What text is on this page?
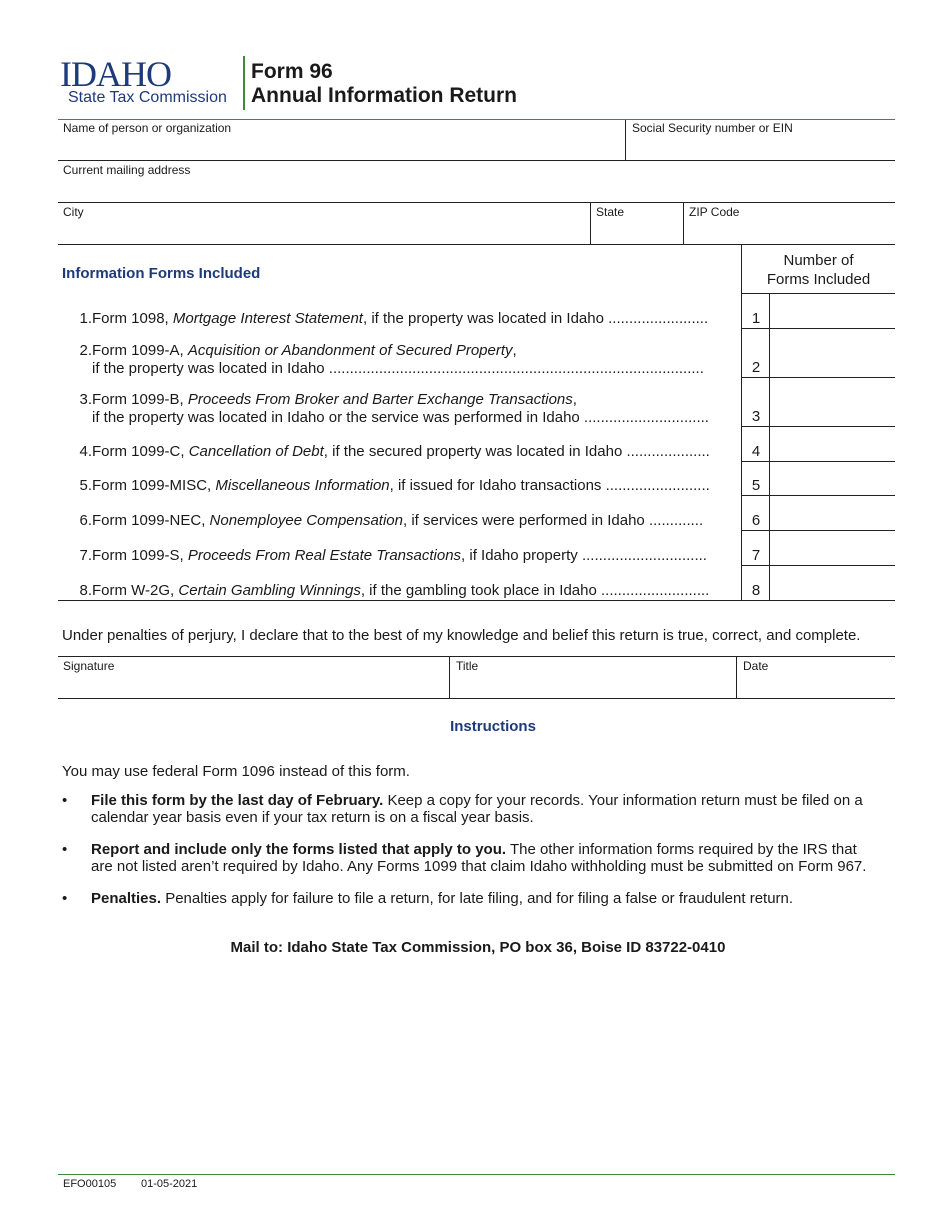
IDAHO
State Tax Commission
Form 96
Annual Information Return
Name of person or organization	Social Security number or EIN
Current mailing address
City	State	ZIP Code
Information Forms Included
Number of
Forms Included
1. Form 1098, Mortgage Interest Statement, if the property was located in Idaho ........................	1
2. Form 1099-A, Acquisition or Abandonment of Secured Property,
if the property was located in Idaho ..........................................................................................	2
3. Form 1099-B, Proceeds From Broker and Barter Exchange Transactions,
if the property was located in Idaho or the service was performed in Idaho ..............................	3
4. Form 1099-C, Cancellation of Debt, if the secured property was located in Idaho ....................	4
5. Form 1099-MISC, Miscellaneous Information, if issued for Idaho transactions .........................	5
6. Form 1099-NEC, Nonemployee Compensation, if services were performed in Idaho .............	6
7. Form 1099-S, Proceeds From Real Estate Transactions, if Idaho property ..............................	7
8. Form W-2G, Certain Gambling Winnings, if the gambling took place in Idaho ..........................	8
Under penalties of perjury, I declare that to the best of my knowledge and belief this return is true, correct, and complete.
Signature	Title	Date
Instructions
You may use federal Form 1096 instead of this form.
• File this form by the last day of February. Keep a copy for your records. Your information return must be filed on a
calendar year basis even if your tax return is on a fiscal year basis.
• Report and include only the forms listed that apply to you. The other information forms required by the IRS that
are not listed aren’t required by Idaho. Any Forms 1099 that claim Idaho withholding must be submitted on Form 967.
• Penalties. Penalties apply for failure to file a return, for late filing, and for filing a false or fraudulent return.
Mail to: Idaho State Tax Commission, PO box 36, Boise ID 83722-0410
EFO00105 01-05-2021
